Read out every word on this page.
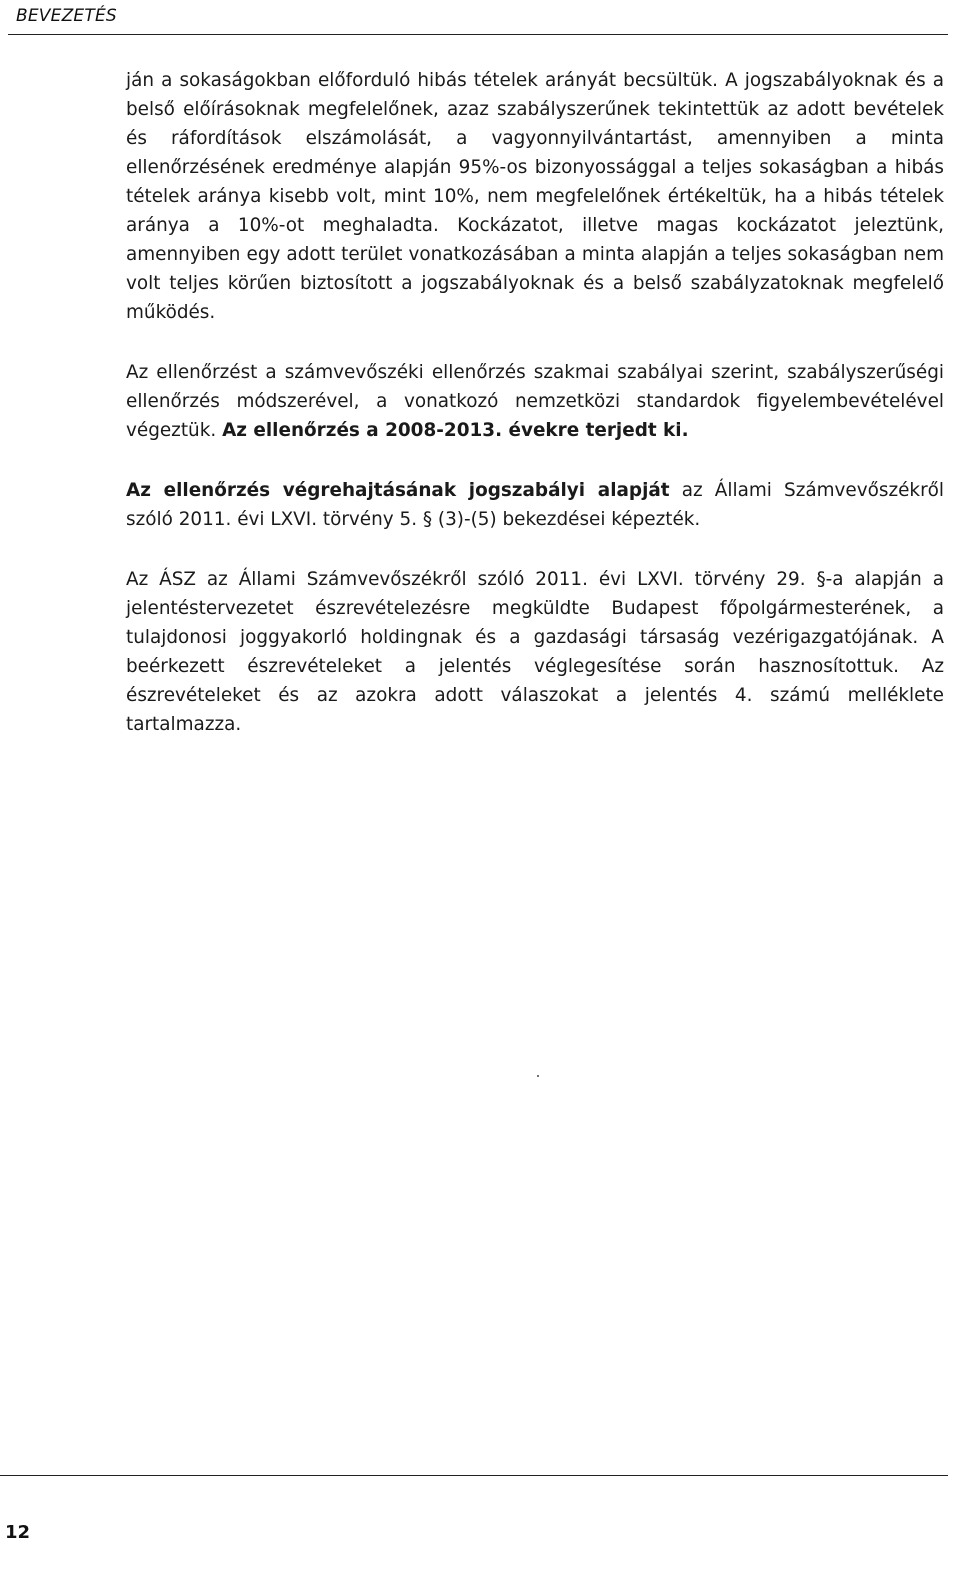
BEVEZETÉS

ján a sokaságokban előforduló hibás tételek arányát becsültük. A jogszabályoknak és a belső előírásoknak megfelelőnek, azaz szabályszerűnek tekintettük az adott bevételek és ráfordítások elszámolását, a vagyonnyilvántartást, amennyiben a minta ellenőrzésének eredménye alapján 95%-os bizonyossággal a teljes sokaságban a hibás tételek aránya kisebb volt, mint 10%, nem megfelelőnek értékeltük, ha a hibás tételek aránya a 10%-ot meghaladta. Kockázatot, illetve magas kockázatot jeleztünk, amennyiben egy adott terület vonatkozásában a minta alapján a teljes sokaságban nem volt teljes körűen biztosított a jogszabályoknak és a belső szabályzatoknak megfelelő működés.

Az ellenőrzést a számvevőszéki ellenőrzés szakmai szabályai szerint, szabályszerűségi ellenőrzés módszerével, a vonatkozó nemzetközi standardok figyelembevételével végeztük. Az ellenőrzés a 2008-2013. évekre terjedt ki.

Az ellenőrzés végrehajtásának jogszabályi alapját az Állami Számvevőszékről szóló 2011. évi LXVI. törvény 5. § (3)-(5) bekezdései képezték.

Az ÁSZ az Állami Számvevőszékről szóló 2011. évi LXVI. törvény 29. §-a alapján a jelentéstervezetet észrevételezésre megküldte Budapest főpolgármesterének, a tulajdonosi joggyakorló holdingnak és a gazdasági társaság vezérigazgatójának. A beérkezett észrevételeket a jelentés véglegesítése során hasznosítottuk. Az észrevételeket és az azokra adott válaszokat a jelentés 4. számú melléklete tartalmazza.

12
